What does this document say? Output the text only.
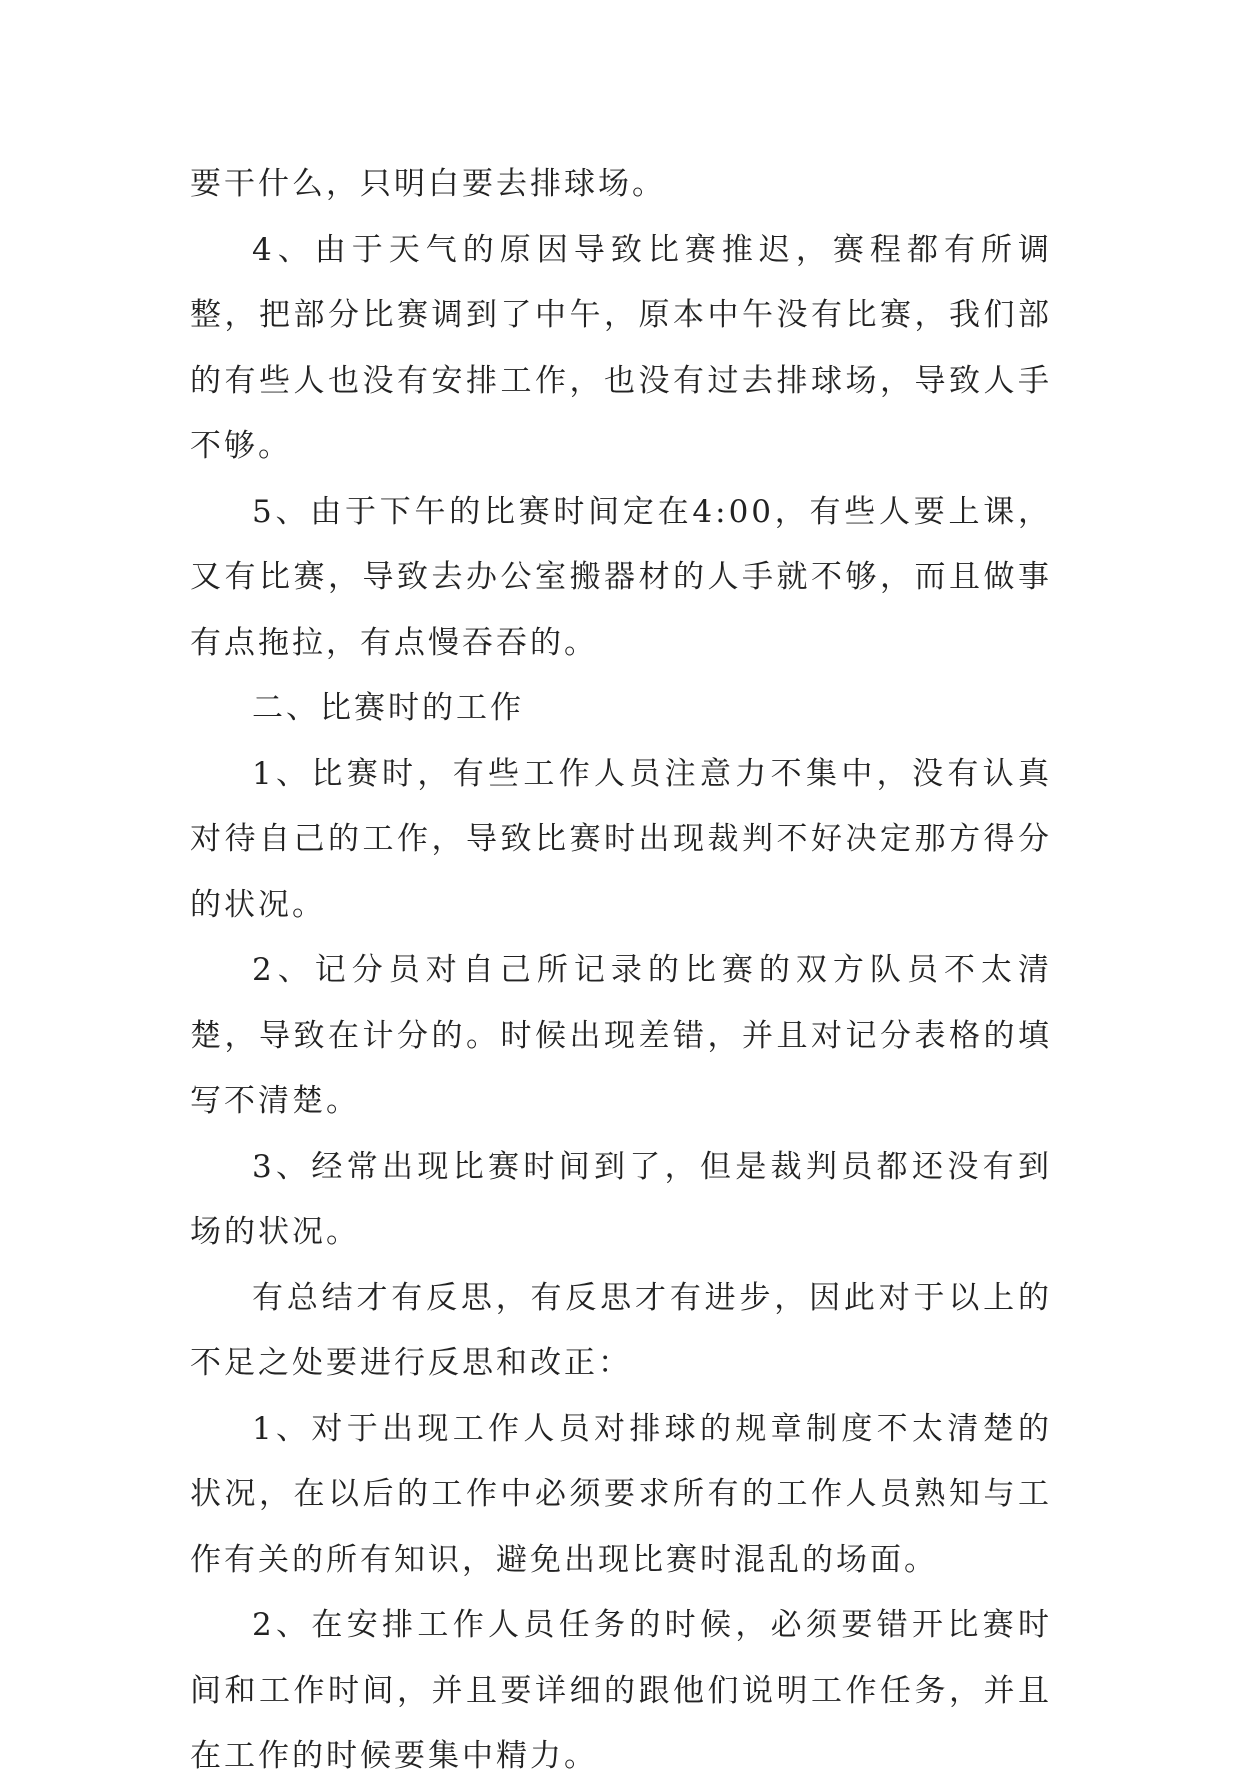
要干什么，只明白要去排球场。

4、由于天气的原因导致比赛推迟，赛程都有所调整，把部分比赛调到了中午，原本中午没有比赛，我们部的有些人也没有安排工作，也没有过去排球场，导致人手不够。

5、由于下午的比赛时间定在4:00，有些人要上课，又有比赛，导致去办公室搬器材的人手就不够，而且做事有点拖拉，有点慢吞吞的。

二、比赛时的工作

1、比赛时，有些工作人员注意力不集中，没有认真对待自己的工作，导致比赛时出现裁判不好决定那方得分的状况。

2、记分员对自己所记录的比赛的双方队员不太清楚，导致在计分的。时候出现差错，并且对记分表格的填写不清楚。

3、经常出现比赛时间到了，但是裁判员都还没有到场的状况。

有总结才有反思，有反思才有进步，因此对于以上的不足之处要进行反思和改正：

1、对于出现工作人员对排球的规章制度不太清楚的状况，在以后的工作中必须要求所有的工作人员熟知与工作有关的所有知识，避免出现比赛时混乱的场面。

2、在安排工作人员任务的时候，必须要错开比赛时间和工作时间，并且要详细的跟他们说明工作任务，并且在工作的时候要集中精力。
